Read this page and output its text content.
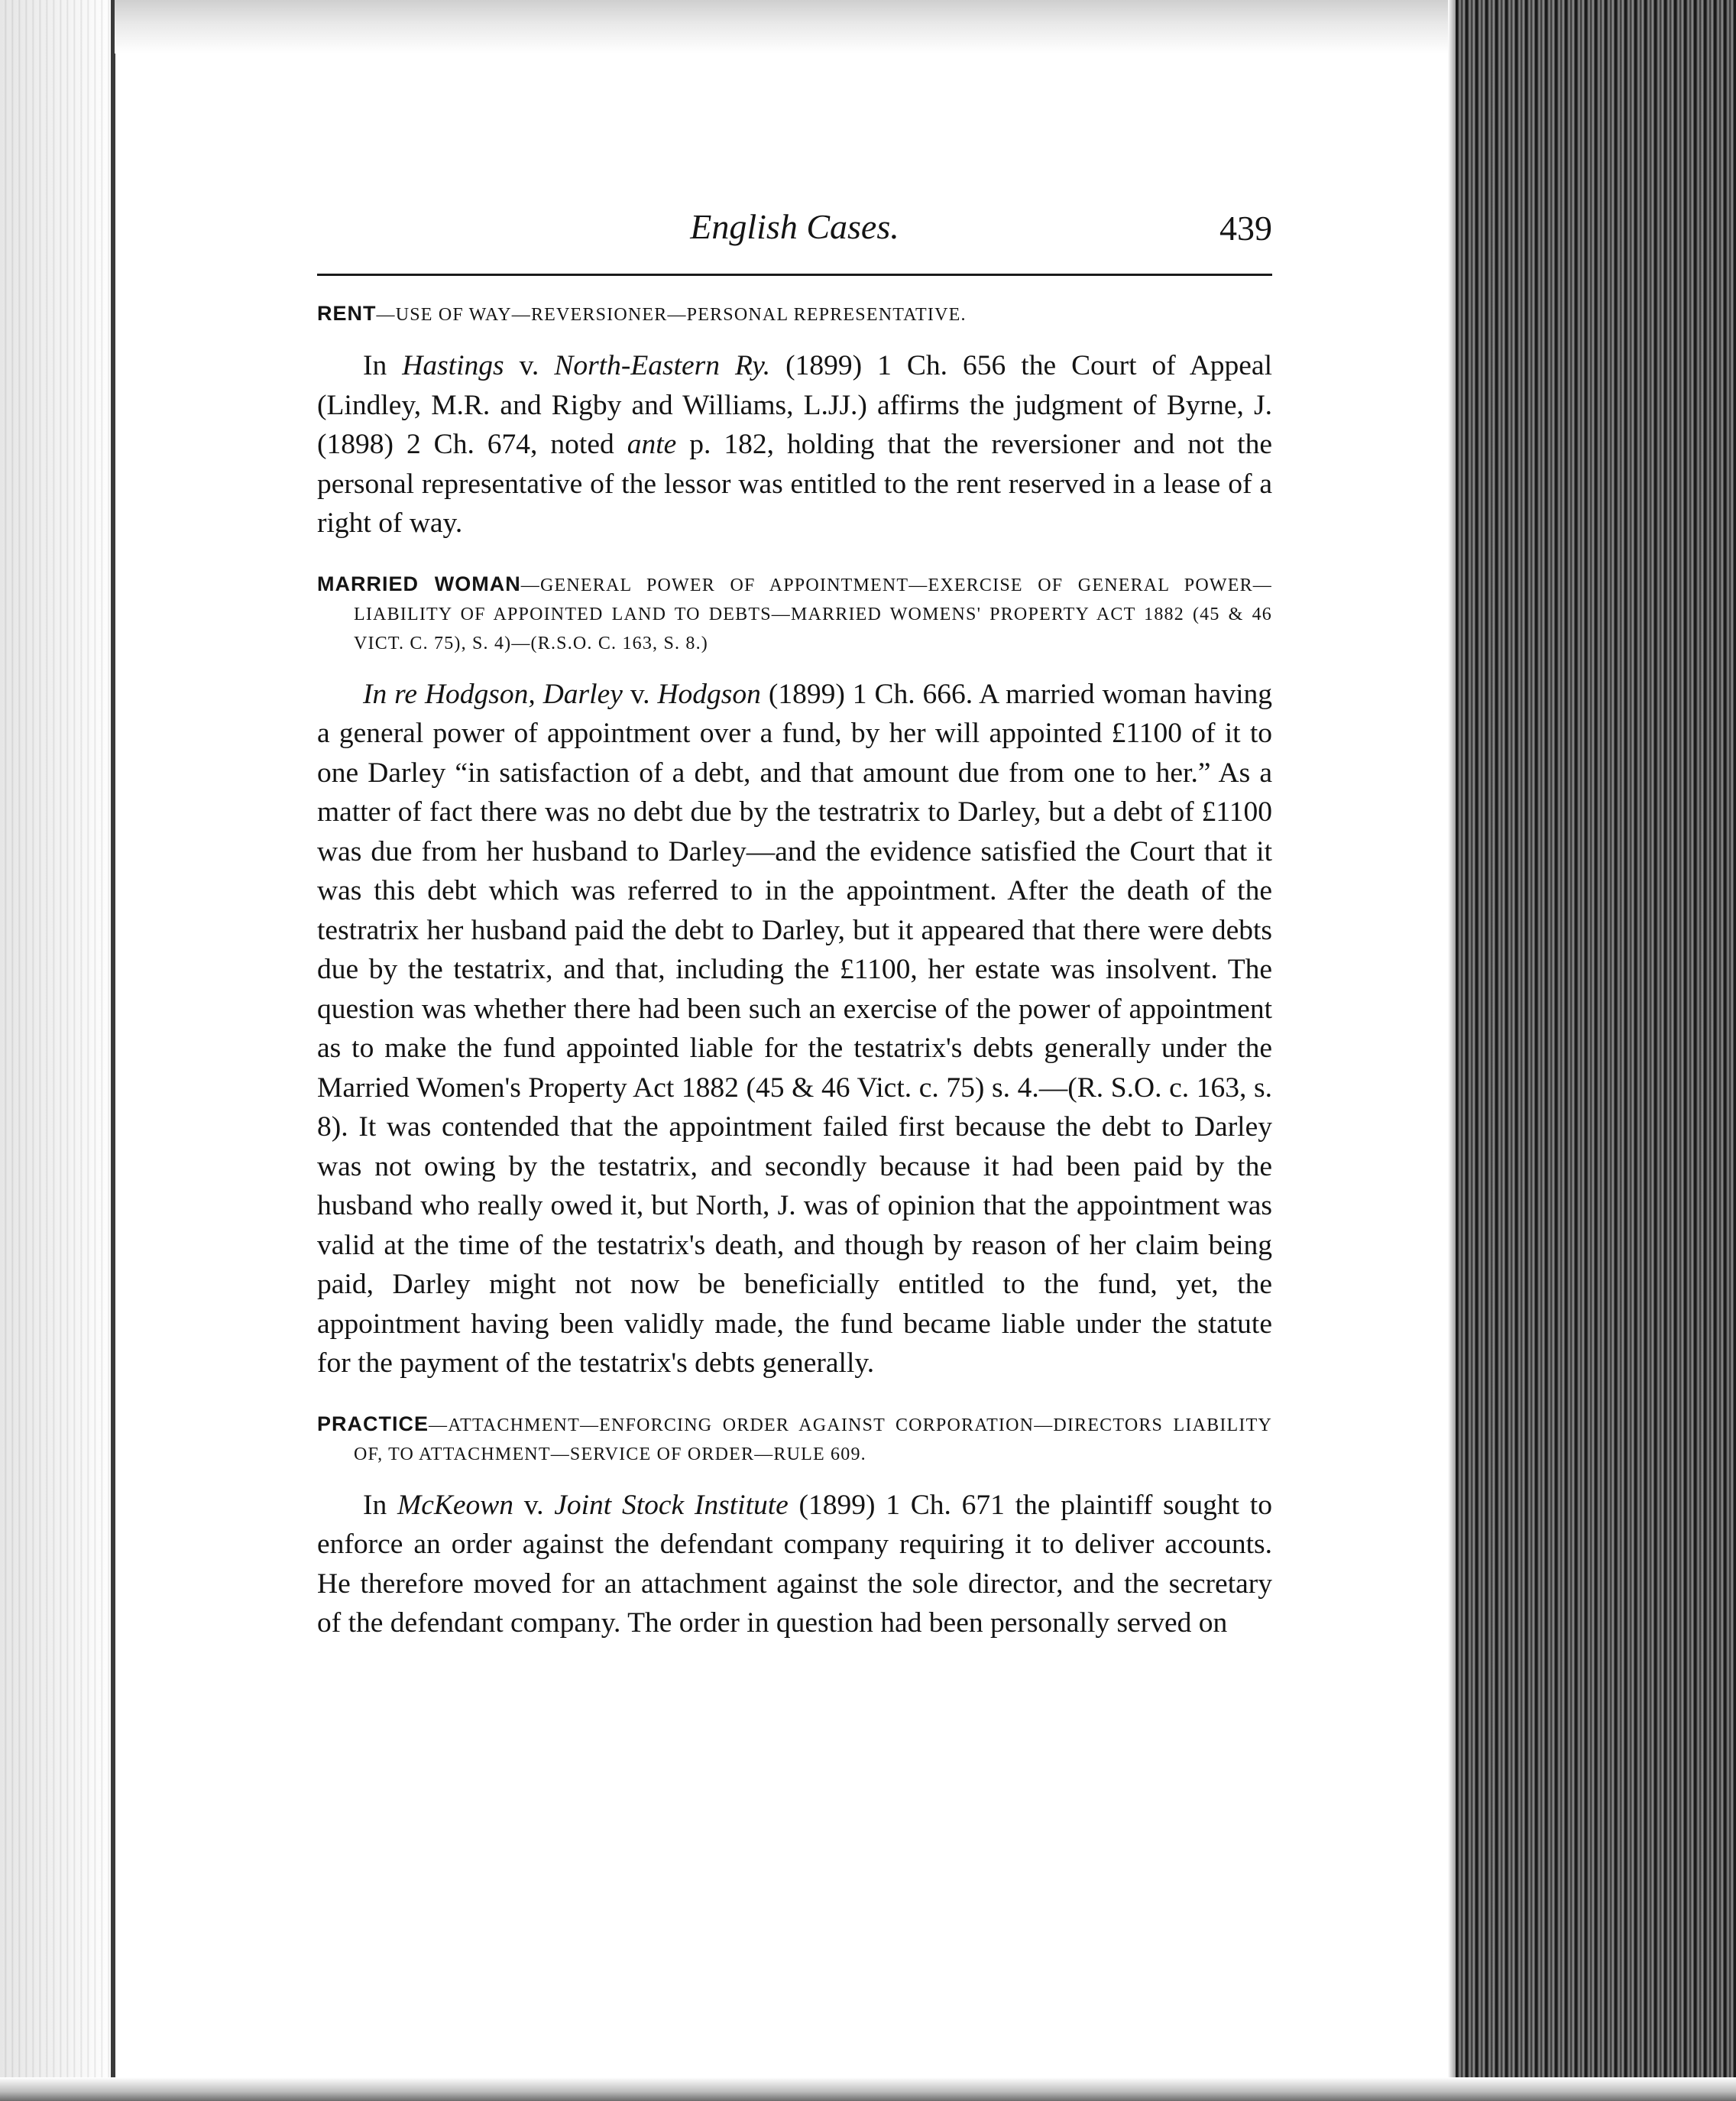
English Cases.	439
RENT—USE OF WAY—REVERSIONER—PERSONAL REPRESENTATIVE.

In Hastings v. North-Eastern Ry. (1899) 1 Ch. 656 the Court of Appeal (Lindley, M.R. and Rigby and Williams, L.JJ.) affirms the judgment of Byrne, J. (1898) 2 Ch. 674, noted ante p. 182, holding that the reversioner and not the personal representative of the lessor was entitled to the rent reserved in a lease of a right of way.

MARRIED WOMAN—GENERAL POWER OF APPOINTMENT—EXERCISE OF GENERAL POWER—LIABILITY OF APPOINTED LAND TO DEBTS—MARRIED WOMENS' PROPERTY ACT 1882 (45 & 46 VICT. C. 75), S. 4)—(R.S.O. C. 163, S. 8.)

In re Hodgson, Darley v. Hodgson (1899) 1 Ch. 666. A married woman having a general power of appointment over a fund, by her will appointed £1100 of it to one Darley “in satisfaction of a debt, and that amount due from one to her.” As a matter of fact there was no debt due by the testratrix to Darley, but a debt of £1100 was due from her husband to Darley—and the evidence satisfied the Court that it was this debt which was referred to in the appointment. After the death of the testratrix her husband paid the debt to Darley, but it appeared that there were debts due by the testatrix, and that, including the £1100, her estate was insolvent. The question was whether there had been such an exercise of the power of appointment as to make the fund appointed liable for the testatrix's debts generally under the Married Women's Property Act 1882 (45 & 46 Vict. c. 75) s. 4.—(R. S.O. c. 163, s. 8). It was contended that the appointment failed first because the debt to Darley was not owing by the testatrix, and secondly because it had been paid by the husband who really owed it, but North, J. was of opinion that the appointment was valid at the time of the testatrix's death, and though by reason of her claim being paid, Darley might not now be beneficially entitled to the fund, yet, the appointment having been validly made, the fund became liable under the statute for the payment of the testatrix's debts generally.

PRACTICE—ATTACHMENT—ENFORCING ORDER AGAINST CORPORATION—DIRECTORS LIABILITY OF, TO ATTACHMENT—SERVICE OF ORDER—RULE 609.

In McKeown v. Joint Stock Institute (1899) 1 Ch. 671 the plaintiff sought to enforce an order against the defendant company requiring it to deliver accounts. He therefore moved for an attachment against the sole director, and the secretary of the defendant company. The order in question had been personally served on
